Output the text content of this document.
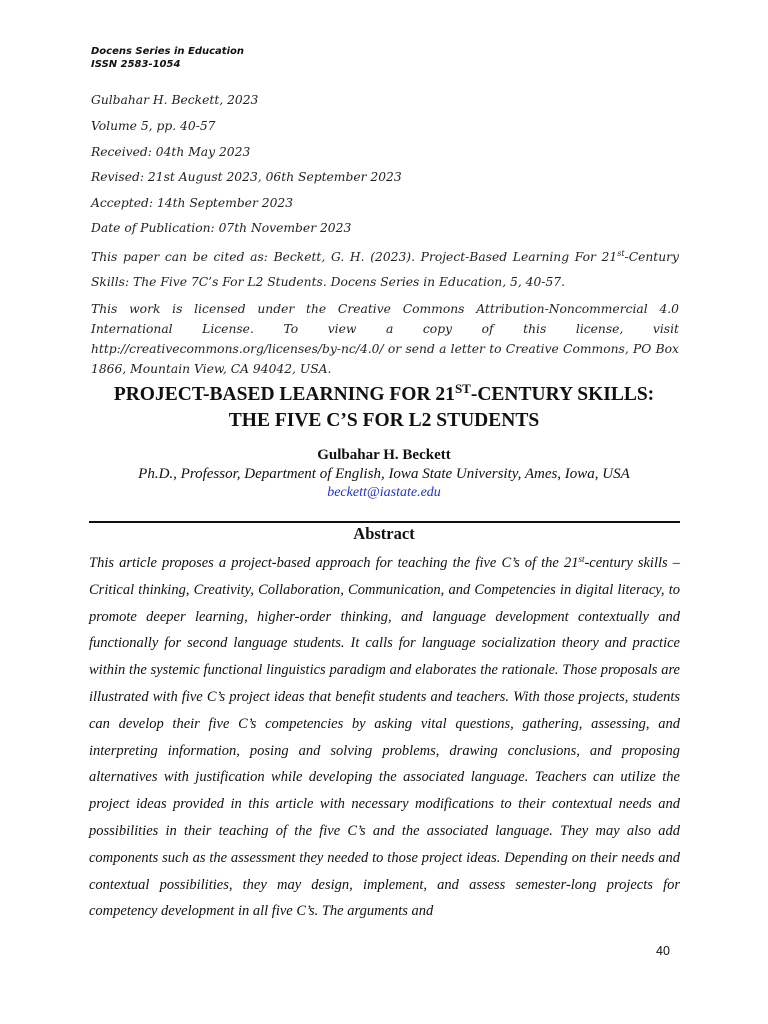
Docens Series in Education
ISSN 2583-1054
Gulbahar H. Beckett, 2023
Volume 5, pp. 40-57
Received: 04th May 2023
Revised: 21st August 2023, 06th September 2023
Accepted: 14th September 2023
Date of Publication: 07th November 2023
This paper can be cited as: Beckett, G. H. (2023). Project-Based Learning For 21st-Century Skills: The Five 7C’s For L2 Students. Docens Series in Education, 5, 40-57.
This work is licensed under the Creative Commons Attribution-Noncommercial 4.0 International License. To view a copy of this license, visit http://creativecommons.org/licenses/by-nc/4.0/ or send a letter to Creative Commons, PO Box 1866, Mountain View, CA 94042, USA.
PROJECT-BASED LEARNING FOR 21ST-CENTURY SKILLS:
THE FIVE C’S FOR L2 STUDENTS
Gulbahar H. Beckett
Ph.D., Professor, Department of English, Iowa State University, Ames, Iowa, USA
beckett@iastate.edu
Abstract
This article proposes a project-based approach for teaching the five C’s of the 21st-century skills – Critical thinking, Creativity, Collaboration, Communication, and Competencies in digital literacy, to promote deeper learning, higher-order thinking, and language development contextually and functionally for second language students. It calls for language socialization theory and practice within the systemic functional linguistics paradigm and elaborates the rationale. Those proposals are illustrated with five C’s project ideas that benefit students and teachers. With those projects, students can develop their five C’s competencies by asking vital questions, gathering, assessing, and interpreting information, posing and solving problems, drawing conclusions, and proposing alternatives with justification while developing the associated language. Teachers can utilize the project ideas provided in this article with necessary modifications to their contextual needs and possibilities in their teaching of the five C’s and the associated language. They may also add components such as the assessment they needed to those project ideas. Depending on their needs and contextual possibilities, they may design, implement, and assess semester-long projects for competency development in all five C’s. The arguments and
40
